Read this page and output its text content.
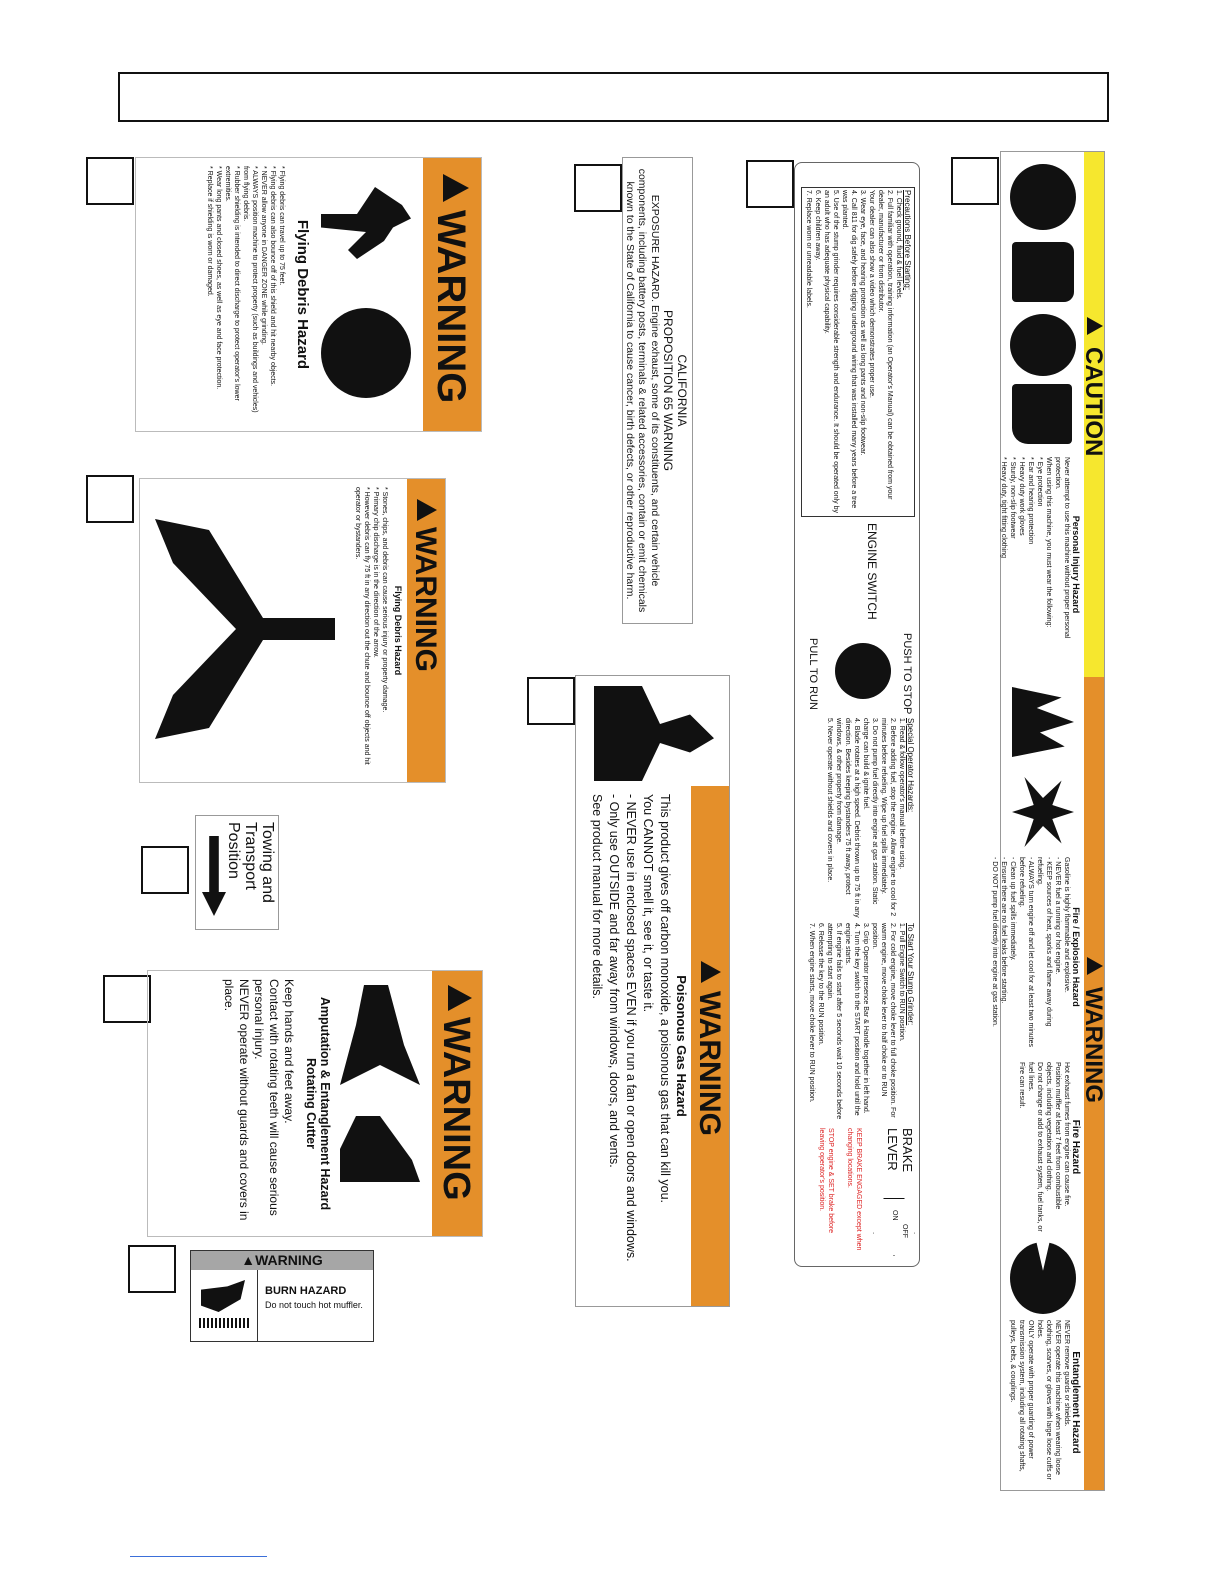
CAUTION
WARNING
Personal Injury Hazard
Never attempt to use this machine without proper personal protection.
When using this machine, you must wear the following:
* Eye protection
* Ear and hearing protection
* Heavy duty work gloves
* Sturdy, non-slip footwear
* Heavy duty, tight fitting clothing
Fire / Explosion Hazard
Gasoline is highly flammable and explosive.
- NEVER fuel a running or hot engine.
- KEEP sources of heat, sparks and flame away during refueling.
- ALWAYS turn engine off and let cool for at least two minutes before refueling.
- Clean up fuel spills immediately.
- Ensure there are no fuel leaks before starting.
- DO NOT pump fuel directly into engine at gas station.
Fire Hazard
Hot exhaust fumes from engine can cause fire.
Position muffler at least 7 feet from combustible objects, including vegetation and clothing.
Do not change or add to exhaust system, fuel tanks, or fuel lines.
Fire can result.
Entanglement Hazard
NEVER remove guards or shields.
NEVER operate this machine when wearing loose clothing, scarves, or gloves with large loose cuffs or holes.
ONLY operate with proper guarding of power transmission system, including all rotating shafts, pulleys, belts, & couplings.
Precautions Before Starting:
1. Check ground, fluid & fuel levels.
2. Full familiar with operation, training information (an Operator's Manual) can be obtained from your dealer, manufacturer or from distributor.
Your dealer can also show a video which demonstrates proper use.
3. Wear eye, face, and hearing protection as well as long pants and non-slip footwear.
4. Call 811 for dig safely before digging underground wiring that was installed many years before a tree was planted.
5. Use of the stump grinder requires considerable strength and endurance. It should be operated only by an adult who has adequate physical capability.
6. Keep children away.
7. Replace worn or unreadable labels.
ENGINE SWITCH
PUSH TO STOP
PULL TO RUN
Special Operator Hazards:
1. Read & follow operator's manual before using.
2. Before adding fuel, stop the engine. Allow engine to cool for 2 minutes before refueling. Wipe up fuel spills immediately.
3. Do not pump fuel directly into engine at gas station. Static charge can build & ignite fuel.
4. Blade rotates at a high speed. Debris thrown up to 75 ft in any direction. Besides keeping bystanders 75 ft away, protect windows, & other property from damage.
5. Never operate without shields and covers in place.
To Start Your Stump Grinder:
1. Pull Engine Switch to RUN position.
2. For cold engine, move choke lever to full choke position. For warm engine, move choke lever to half choke or to RUN position.
3. Grip Operator presence Bar & Handle together in left hand.
4. Turn the key switch to the START position and hold until the engine starts.
5. If engine fails to start after 5 seconds wait 10 seconds before attempting to start again.
6. Release the key to the RUN position.
7. When engine starts, move choke lever to RUN position.
BRAKE LEVER
OFF
ON
KEEP BRAKE ENGAGED except when changing locations.
STOP engine & SET brake before leaving operator's position.
WARNING
Flying Debris Hazard
* Flying debris can travel up to 75 feet.
* Flying debris can also bounce off of this shield and hit nearby objects.
* NEVER allow anyone in DANGER ZONE while grinding.
* ALWAYS position machine to protect property (such as buildings and vehicles) from flying debris.
* Rubber shielding is intended to direct discharge to protect operator's lower extremities.
* Wear long pants and closed shoes, as well as eye and face protection.
* Replace if shielding is worn or damaged.
CALIFORNIA
PROPOSITION 65 WARNING
EXPOSURE HAZARD. Engine exhaust, some of its constituents, and certain vehicle components, including battery posts, terminals & related accessories, contain or emit chemicals known to the State of California to cause cancer, birth defects, or other reproductive harm.
WARNING
Flying Debris Hazard
* Stones, chips, and debris can cause serious injury or property damage.
* Primary chip discharge is in the direction of the arrow.
* However debris can fly 75 ft in any direction out the chute and bounce off objects and hit operator or bystanders.
WARNING
Poisonous Gas Hazard
This product gives off carbon monoxide, a poisonous gas that can kill you.
You CANNOT smell it, see it, or taste it.
- NEVER use in enclosed spaces EVEN if you run a fan or open doors and windows.
- Only use OUTSIDE and far away from windows, doors, and vents.
See product manual for more details.
Towing and
Transport
Position
WARNING
Amputation & Entanglement Hazard
Rotating Cutter
Keep hands and feet away.
Contact with rotating teeth will cause serious personal injury.
NEVER operate without guards and covers in place.
▲WARNING
BURN HAZARD
Do not touch hot muffler.
